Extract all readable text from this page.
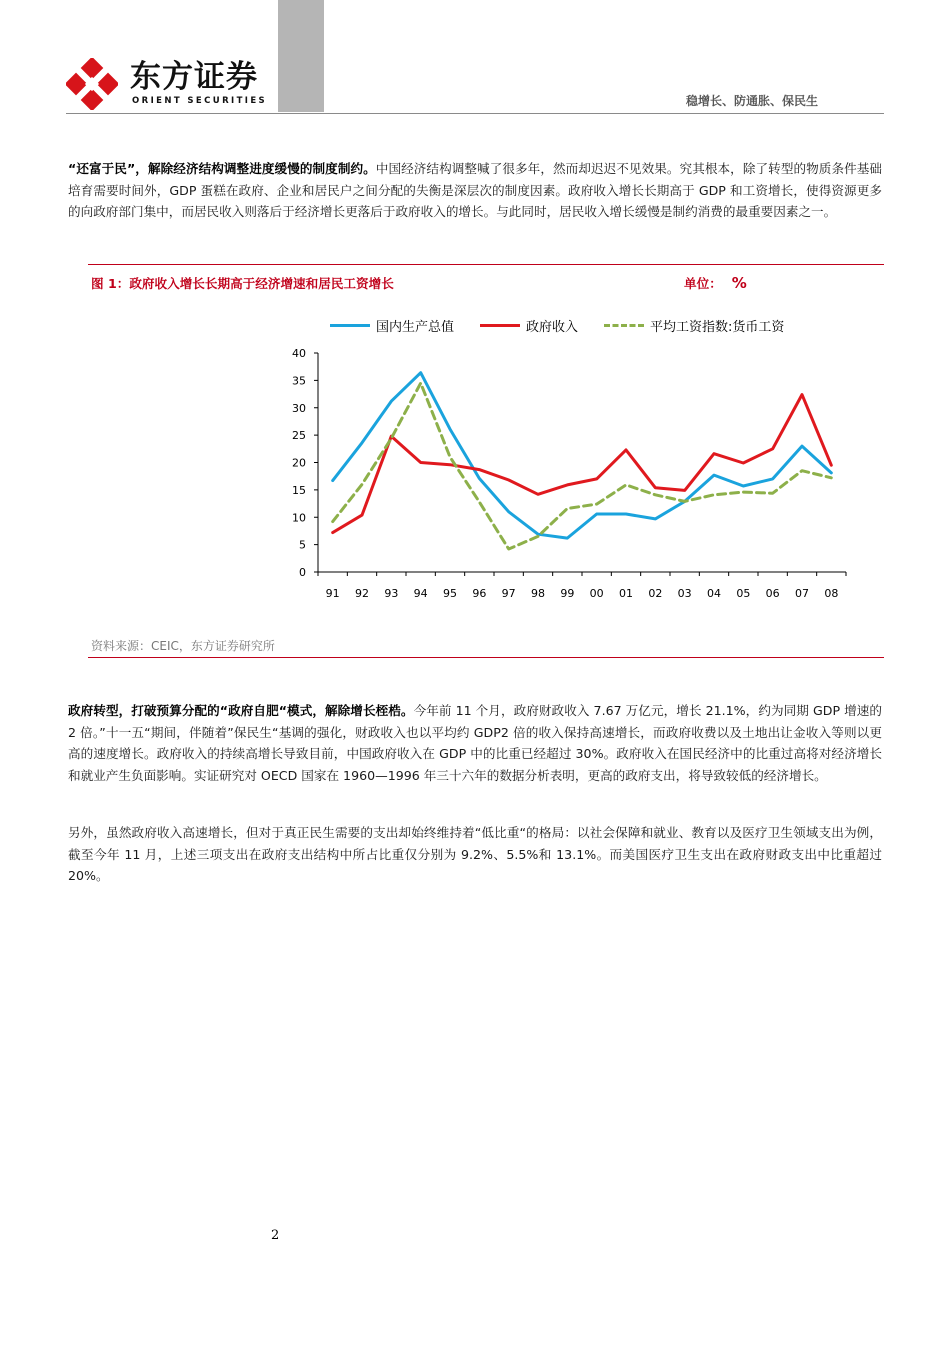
东方证券
ORIENT SECURITIES	稳增长、防通胀、保民生
“还富于民”，解除经济结构调整进度缓慢的制度制约。中国经济结构调整喊了很多年，然而却迟迟不见效果。究其根本，除了转型的物质条件基础培育需要时间外，GDP 蛋糕在政府、企业和居民户之间分配的失衡是深层次的制度因素。政府收入增长长期高于 GDP 和工资增长，使得资源更多的向政府部门集中，而居民收入则落后于经济增长更落后于政府收入的增长。与此同时，居民收入增长缓慢是制约消费的最重要因素之一。
图 1：政府收入增长长期高于经济增速和居民工资增长	单位： %
国内生产总值	政府收入	平均工资指数:货币工资
0
5
10
15
20
25
30
35
40
91 92 93 94 95 96 97 98 99 00 01 02 03 04 05 06 07 08
资料来源：CEIC，东方证券研究所
政府转型，打破预算分配的“政府自肥“模式，解除增长桎梏。今年前 11 个月，政府财政收入 7.67 万亿元，增长 21.1%，约为同期 GDP 增速的 2 倍。”十一五“期间，伴随着”保民生“基调的强化，财政收入也以平均约 GDP2 倍的收入保持高速增长，而政府收费以及土地出让金收入等则以更高的速度增长。政府收入的持续高增长导致目前，中国政府收入在 GDP 中的比重已经超过 30%。政府收入在国民经济中的比重过高将对经济增长和就业产生负面影响。实证研究对 OECD 国家在 1960—1996 年三十六年的数据分析表明，更高的政府支出，将导致较低的经济增长。
另外，虽然政府收入高速增长，但对于真正民生需要的支出却始终维持着“低比重“的格局：以社会保障和就业、教育以及医疗卫生领域支出为例，截至今年 11 月，上述三项支出在政府支出结构中所占比重仅分别为 9.2%、5.5%和 13.1%。而美国医疗卫生支出在政府财政支出中比重超过 20%。
2
